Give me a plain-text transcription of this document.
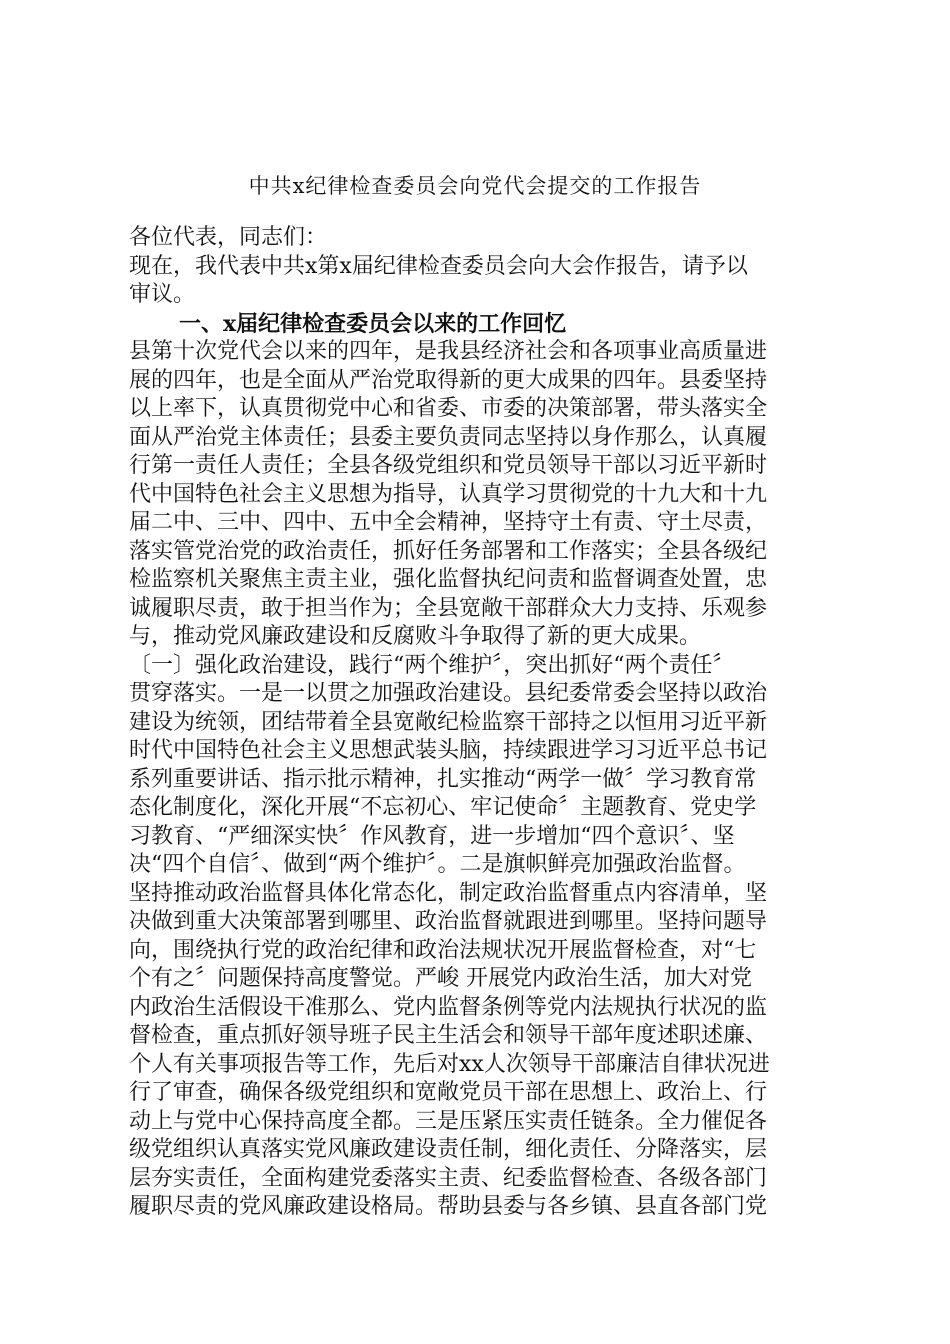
中共x纪律检查委员会向党代会提交的工作报告
各位代表，同志们：
现在，我代表中共x第x届纪律检查委员会向大会作报告，请予以
审议。
一、x届纪律检查委员会以来的工作回忆
县第十次党代会以来的四年，是我县经济社会和各项事业高质量进
展的四年，也是全面从严治党取得新的更大成果的四年。县委坚持
以上率下，认真贯彻党中心和省委、市委的决策部署，带头落实全
面从严治党主体责任；县委主要负责同志坚持以身作那么，认真履
行第一责任人责任；全县各级党组织和党员领导干部以习近平新时
代中国特色社会主义思想为指导，认真学习贯彻党的十九大和十九
届二中、三中、四中、五中全会精神，坚持守土有责、守土尽责，
落实管党治党的政治责任，抓好任务部署和工作落实；全县各级纪
检监察机关聚焦主责主业，强化监督执纪问责和监督调查处置，忠
诚履职尽责，敢于担当作为；全县宽敞干部群众大力支持、乐观参
与，推动党风廉政建设和反腐败斗争取得了新的更大成果。
〔一〕强化政治建设，践行“两个维护〞，突出抓好“两个责任〞
贯穿落实。一是一以贯之加强政治建设。县纪委常委会坚持以政治
建设为统领，团结带着全县宽敞纪检监察干部持之以恒用习近平新
时代中国特色社会主义思想武装头脑，持续跟进学习习近平总书记
系列重要讲话、指示批示精神，扎实推动“两学一做〞学习教育常
态化制度化，深化开展“不忘初心、牢记使命〞主题教育、党史学
习教育、“严细深实快〞作风教育，进一步增加“四个意识〞、坚
决“四个自信〞、做到“两个维护〞。二是旗帜鲜亮加强政治监督。
坚持推动政治监督具体化常态化，制定政治监督重点内容清单，坚
决做到重大决策部署到哪里、政治监督就跟进到哪里。坚持问题导
向，围绕执行党的政治纪律和政治法规状况开展监督检查，对“七
个有之〞问题保持高度警觉。严峻 开展党内政治生活，加大对党
内政治生活假设干准那么、党内监督条例等党内法规执行状况的监
督检查，重点抓好领导班子民主生活会和领导干部年度述职述廉、
个人有关事项报告等工作，先后对xx人次领导干部廉洁自律状况进
行了审查，确保各级党组织和宽敞党员干部在思想上、政治上、行
动上与党中心保持高度全都。三是压紧压实责任链条。全力催促各
级党组织认真落实党风廉政建设责任制，细化责任、分降落实，层
层夯实责任，全面构建党委落实主责、纪委监督检查、各级各部门
履职尽责的党风廉政建设格局。帮助县委与各乡镇、县直各部门党
